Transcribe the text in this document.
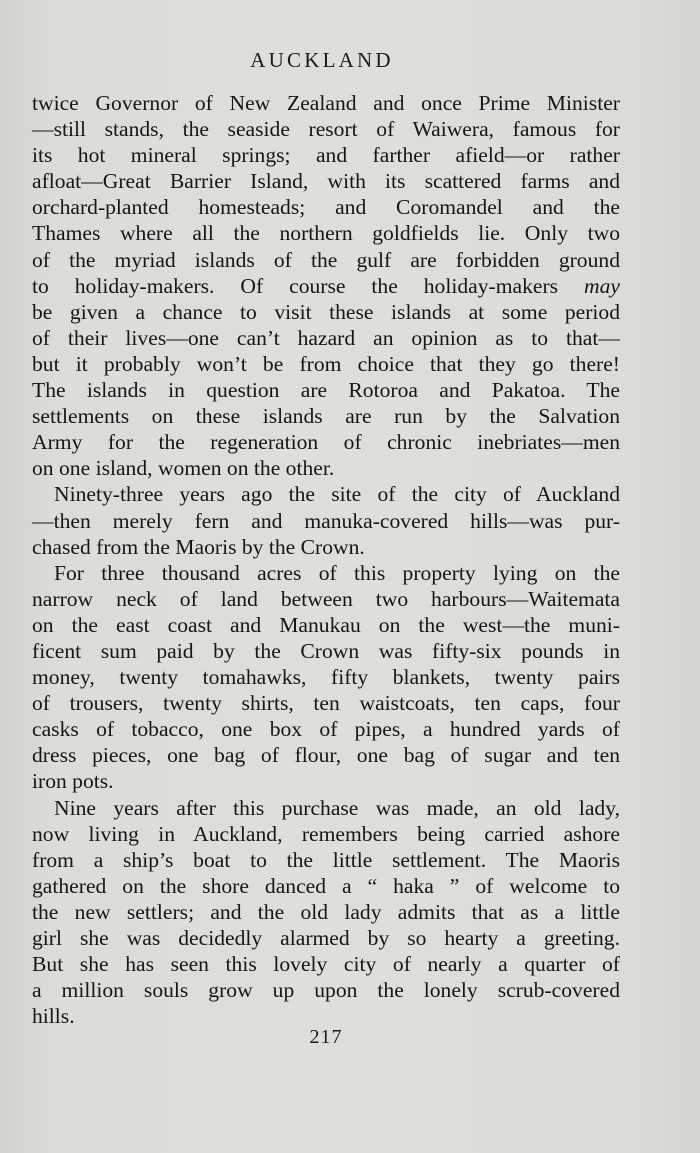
AUCKLAND
twice Governor of New Zealand and once Prime Minister
—still stands, the seaside resort of Waiwera, famous for
its hot mineral springs; and farther afield—or rather
afloat—Great Barrier Island, with its scattered farms and
orchard-planted homesteads; and Coromandel and the
Thames where all the northern goldfields lie. Only two
of the myriad islands of the gulf are forbidden ground
to holiday-makers. Of course the holiday-makers may
be given a chance to visit these islands at some period
of their lives—one can’t hazard an opinion as to that—
but it probably won’t be from choice that they go there!
The islands in question are Rotoroa and Pakatoa. The
settlements on these islands are run by the Salvation
Army for the regeneration of chronic inebriates—men
on one island, women on the other.
Ninety-three years ago the site of the city of Auckland
—then merely fern and manuka-covered hills—was pur-
chased from the Maoris by the Crown.
For three thousand acres of this property lying on the
narrow neck of land between two harbours—Waitemata
on the east coast and Manukau on the west—the muni-
ficent sum paid by the Crown was fifty-six pounds in
money, twenty tomahawks, fifty blankets, twenty pairs
of trousers, twenty shirts, ten waistcoats, ten caps, four
casks of tobacco, one box of pipes, a hundred yards of
dress pieces, one bag of flour, one bag of sugar and ten
iron pots.
Nine years after this purchase was made, an old lady,
now living in Auckland, remembers being carried ashore
from a ship’s boat to the little settlement. The Maoris
gathered on the shore danced a “ haka ” of welcome to
the new settlers; and the old lady admits that as a little
girl she was decidedly alarmed by so hearty a greeting.
But she has seen this lovely city of nearly a quarter of
a million souls grow up upon the lonely scrub-covered
hills.
217
